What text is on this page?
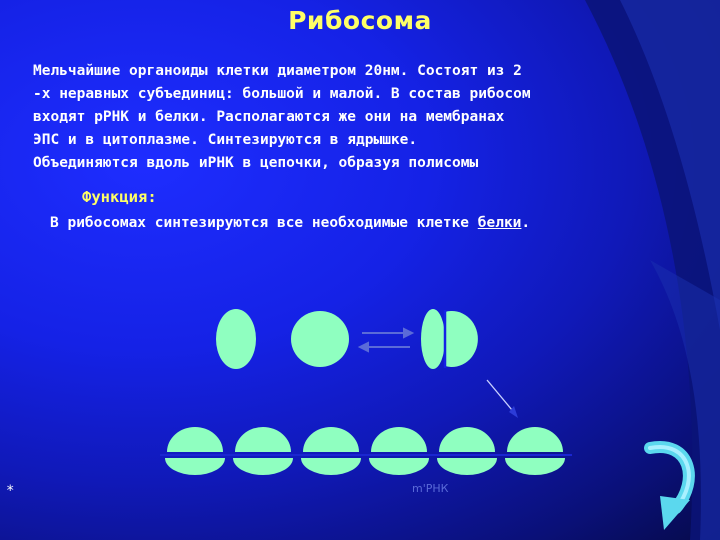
Рибосома
Мельчайшие органоиды клетки диаметром 20нм. Состоят из 2
-х неравных субъединиц: большой и малой. В состав рибосом
входят рРНК и белки. Располагаются же они на мембранах
ЭПС и в цитоплазме. Синтезируются в ядрышке.
Объединяются вдоль иРНК в цепочки, образуя полисомы
Функция:
В рибосомах синтезируются все необходимые клетке белки.
*	m'РНК
